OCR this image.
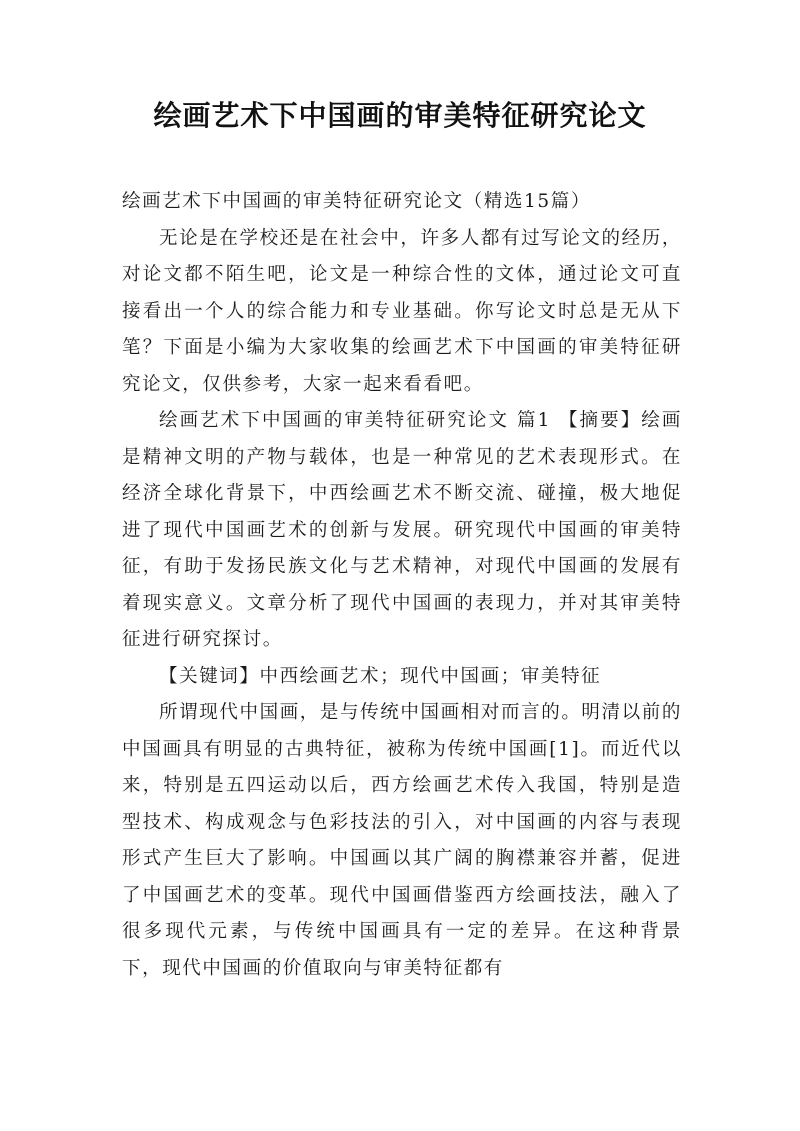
绘画艺术下中国画的审美特征研究论文

绘画艺术下中国画的审美特征研究论文（精选15篇）

无论是在学校还是在社会中，许多人都有过写论文的经历，对论文都不陌生吧，论文是一种综合性的文体，通过论文可直接看出一个人的综合能力和专业基础。你写论文时总是无从下笔？下面是小编为大家收集的绘画艺术下中国画的审美特征研究论文，仅供参考，大家一起来看看吧。

绘画艺术下中国画的审美特征研究论文 篇1 【摘要】绘画是精神文明的产物与载体，也是一种常见的艺术表现形式。在经济全球化背景下，中西绘画艺术不断交流、碰撞，极大地促进了现代中国画艺术的创新与发展。研究现代中国画的审美特征，有助于发扬民族文化与艺术精神，对现代中国画的发展有着现实意义。文章分析了现代中国画的表现力，并对其审美特征进行研究探讨。

【关键词】中西绘画艺术；现代中国画；审美特征

所谓现代中国画，是与传统中国画相对而言的。明清以前的中国画具有明显的古典特征，被称为传统中国画[1]。而近代以来，特别是五四运动以后，西方绘画艺术传入我国，特别是造型技术、构成观念与色彩技法的引入，对中国画的内容与表现形式产生巨大了影响。中国画以其广阔的胸襟兼容并蓄，促进了中国画艺术的变革。现代中国画借鉴西方绘画技法，融入了很多现代元素，与传统中国画具有一定的差异。在这种背景下，现代中国画的价值取向与审美特征都有
